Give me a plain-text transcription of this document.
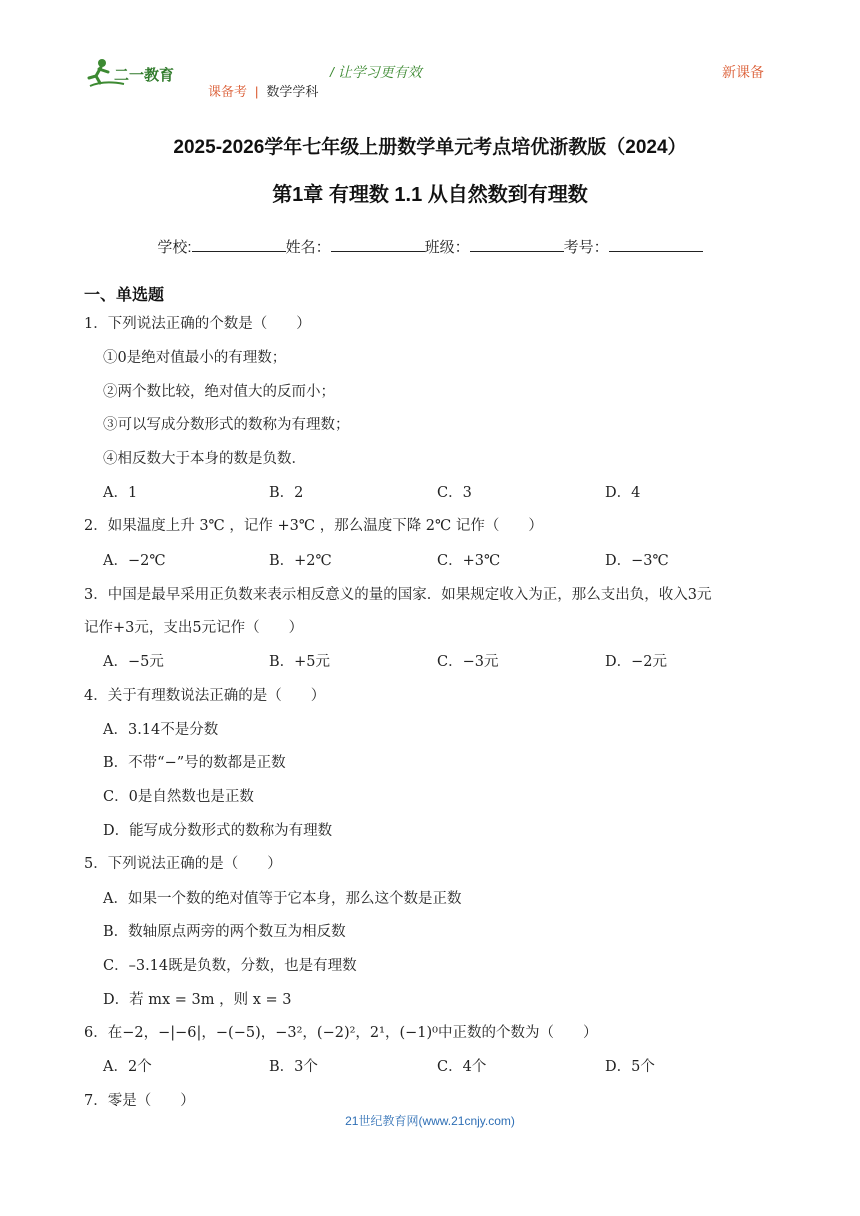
二一教育	/ 让学习更有效	新课备
课备考 | 数学学科
2025-2026学年七年级上册数学单元考点培优浙教版（2024）
第1章 有理数 1.1 从自然数到有理数
学校:	姓名：	班级：	考号：
一、单选题
1．下列说法正确的个数是（　　）
①0是绝对值最小的有理数；
②两个数比较，绝对值大的反而小；
③可以写成分数形式的数称为有理数；
④相反数大于本身的数是负数．
A．1	B．2	C．3	D．4
2．如果温度上升 3℃ ，记作 +3℃ ，那么温度下降 2℃ 记作（　　）
A．−2℃	B．+2℃	C．+3℃	D．−3℃
3．中国是最早采用正负数来表示相反意义的量的国家．如果规定收入为正，那么支出负，收入3元
记作+3元，支出5元记作（　　）
A．−5元	B．+5元	C．−3元	D．−2元
4．关于有理数说法正确的是（　　）
A．3.14不是分数
B．不带“−”号的数都是正数
C．0是自然数也是正数
D．能写成分数形式的数称为有理数
5．下列说法正确的是（　　）
A．如果一个数的绝对值等于它本身，那么这个数是正数
B．数轴原点两旁的两个数互为相反数
C．–3.14既是负数，分数，也是有理数
D．若 mx = 3m ，则 x = 3
6．在−2，−|−6|，−(−5)，−3²，(−2)²，2¹，(−1)⁰中正数的个数为（　　）
A．2个	B．3个	C．4个	D．5个
7．零是（　　）
21世纪教育网(www.21cnjy.com)
